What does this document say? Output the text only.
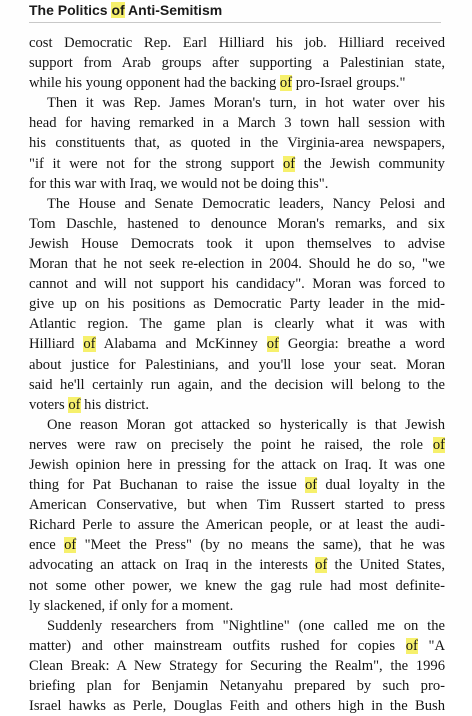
The Politics of Anti-Semitism
cost Democratic Rep. Earl Hilliard his job. Hilliard received
support from Arab groups after supporting a Palestinian state,
while his young opponent had the backing of pro-Israel groups."
Then it was Rep. James Moran's turn, in hot water over his
head for having remarked in a March 3 town hall session with
his constituents that, as quoted in the Virginia-area newspapers,
"if it were not for the strong support of the Jewish community
for this war with Iraq, we would not be doing this".
The House and Senate Democratic leaders, Nancy Pelosi and
Tom Daschle, hastened to denounce Moran's remarks, and six
Jewish House Democrats took it upon themselves to advise
Moran that he not seek re-election in 2004. Should he do so, "we
cannot and will not support his candidacy". Moran was forced to
give up on his positions as Democratic Party leader in the mid-
Atlantic region. The game plan is clearly what it was with
Hilliard of Alabama and McKinney of Georgia: breathe a word
about justice for Palestinians, and you'll lose your seat. Moran
said he'll certainly run again, and the decision will belong to the
voters of his district.
One reason Moran got attacked so hysterically is that Jewish
nerves were raw on precisely the point he raised, the role of
Jewish opinion here in pressing for the attack on Iraq. It was one
thing for Pat Buchanan to raise the issue of dual loyalty in the
American Conservative, but when Tim Russert started to press
Richard Perle to assure the American people, or at least the audi-
ence of "Meet the Press" (by no means the same), that he was
advocating an attack on Iraq in the interests of the United States,
not some other power, we knew the gag rule had most definite-
ly slackened, if only for a moment.
Suddenly researchers from "Nightline" (one called me on the
matter) and other mainstream outfits rushed for copies of "A
Clean Break: A New Strategy for Securing the Realm", the 1996
briefing plan for Benjamin Netanyahu prepared by such pro-
Israel hawks as Perle, Douglas Feith and others high in the Bush
